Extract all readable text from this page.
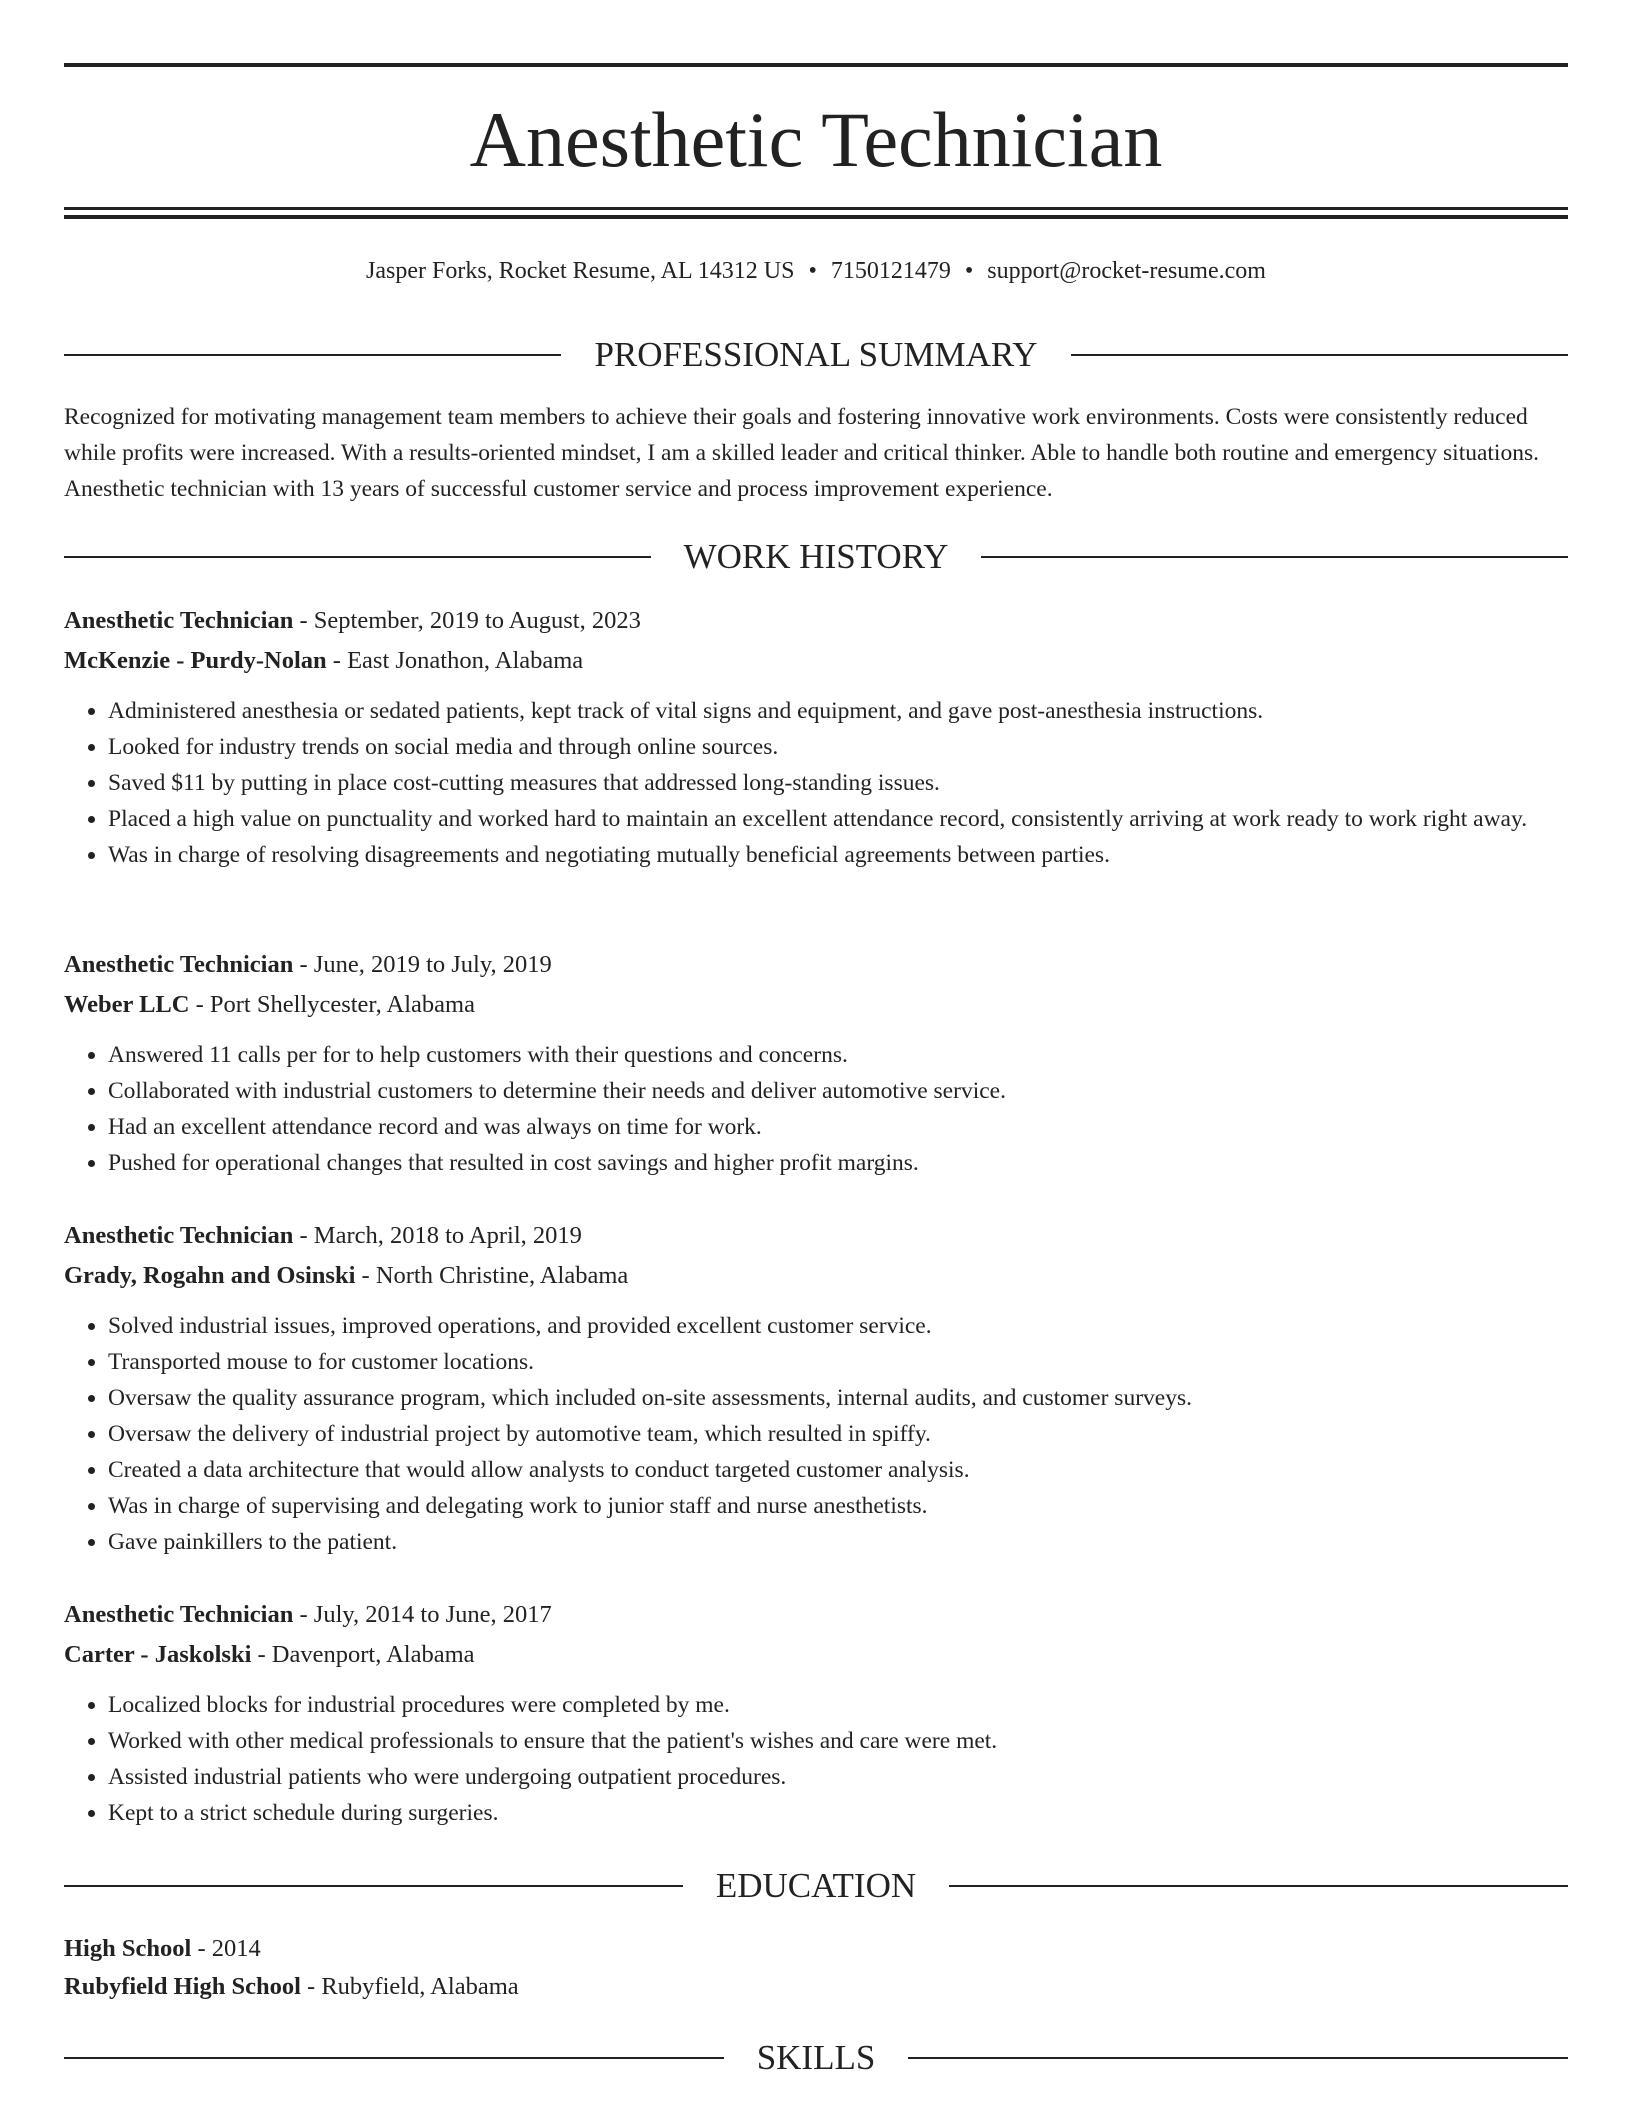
Anesthetic Technician
Jasper Forks, Rocket Resume, AL 14312 US • 7150121479 • support@rocket-resume.com
PROFESSIONAL SUMMARY

Recognized for motivating management team members to achieve their goals and fostering innovative work environments. Costs were consistently reduced while profits were increased. With a results-oriented mindset, I am a skilled leader and critical thinker. Able to handle both routine and emergency situations. Anesthetic technician with 13 years of successful customer service and process improvement experience.

WORK HISTORY

Anesthetic Technician - September, 2019 to August, 2023

McKenzie - Purdy-Nolan - East Jonathon, Alabama

• Administered anesthesia or sedated patients, kept track of vital signs and equipment, and gave post-anesthesia instructions.
• Looked for industry trends on social media and through online sources.
• Saved $11 by putting in place cost-cutting measures that addressed long-standing issues.
• Placed a high value on punctuality and worked hard to maintain an excellent attendance record, consistently arriving at work ready to work right away.
• Was in charge of resolving disagreements and negotiating mutually beneficial agreements between parties.

Anesthetic Technician - June, 2019 to July, 2019

Weber LLC - Port Shellycester, Alabama

• Answered 11 calls per for to help customers with their questions and concerns.
• Collaborated with industrial customers to determine their needs and deliver automotive service.
• Had an excellent attendance record and was always on time for work.
• Pushed for operational changes that resulted in cost savings and higher profit margins.

Anesthetic Technician - March, 2018 to April, 2019

Grady, Rogahn and Osinski - North Christine, Alabama

• Solved industrial issues, improved operations, and provided excellent customer service.
• Transported mouse to for customer locations.
• Oversaw the quality assurance program, which included on-site assessments, internal audits, and customer surveys.
• Oversaw the delivery of industrial project by automotive team, which resulted in spiffy.
• Created a data architecture that would allow analysts to conduct targeted customer analysis.
• Was in charge of supervising and delegating work to junior staff and nurse anesthetists.
• Gave painkillers to the patient.

Anesthetic Technician - July, 2014 to June, 2017

Carter - Jaskolski - Davenport, Alabama

• Localized blocks for industrial procedures were completed by me.
• Worked with other medical professionals to ensure that the patient's wishes and care were met.
• Assisted industrial patients who were undergoing outpatient procedures.
• Kept to a strict schedule during surgeries.
EDUCATION

High School - 2014

Rubyfield High School - Rubyfield, Alabama

SKILLS
